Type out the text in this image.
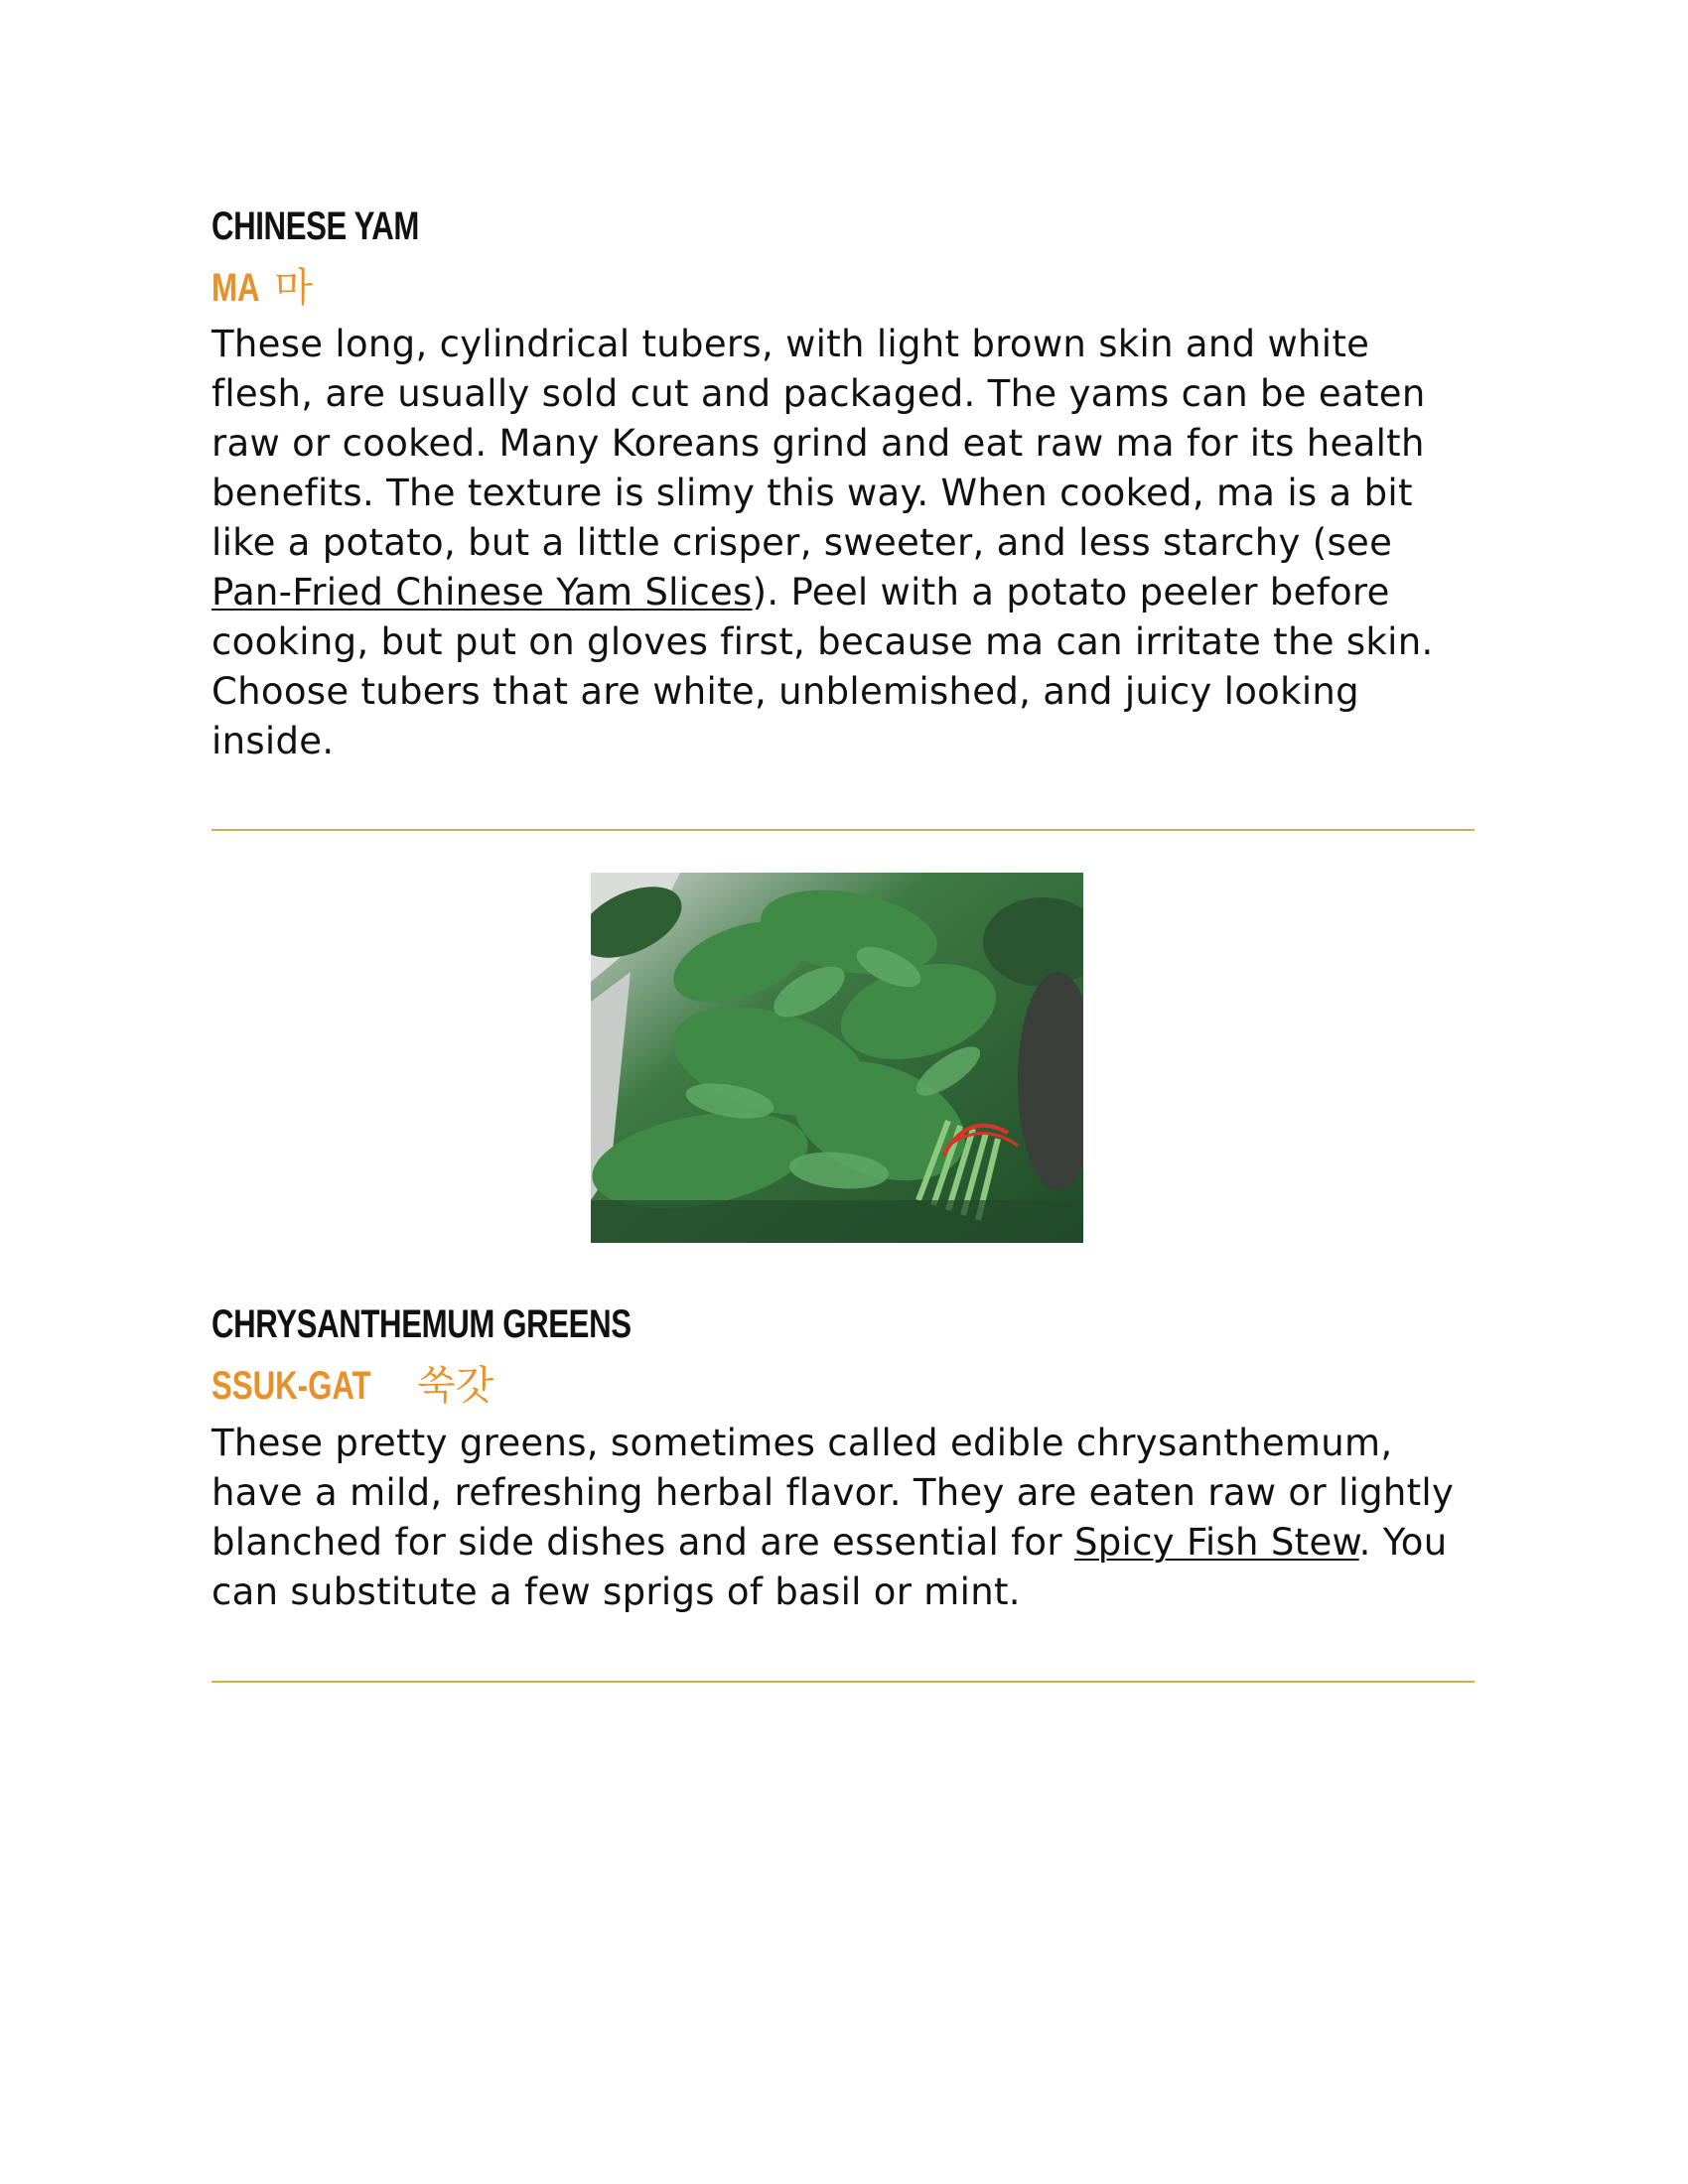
CHINESE YAM
MA 마

These long, cylindrical tubers, with light brown skin and white flesh, are usually sold cut and packaged. The yams can be eaten raw or cooked. Many Koreans grind and eat raw ma for its health benefits. The texture is slimy this way. When cooked, ma is a bit like a potato, but a little crisper, sweeter, and less starchy (see Pan-Fried Chinese Yam Slices). Peel with a potato peeler before cooking, but put on gloves first, because ma can irritate the skin. Choose tubers that are white, unblemished, and juicy looking inside.

CHRYSANTHEMUM GREENS
SSUK-GAT 쑥갓

These pretty greens, sometimes called edible chrysanthemum, have a mild, refreshing herbal flavor. They are eaten raw or lightly blanched for side dishes and are essential for Spicy Fish Stew. You can substitute a few sprigs of basil or mint.
